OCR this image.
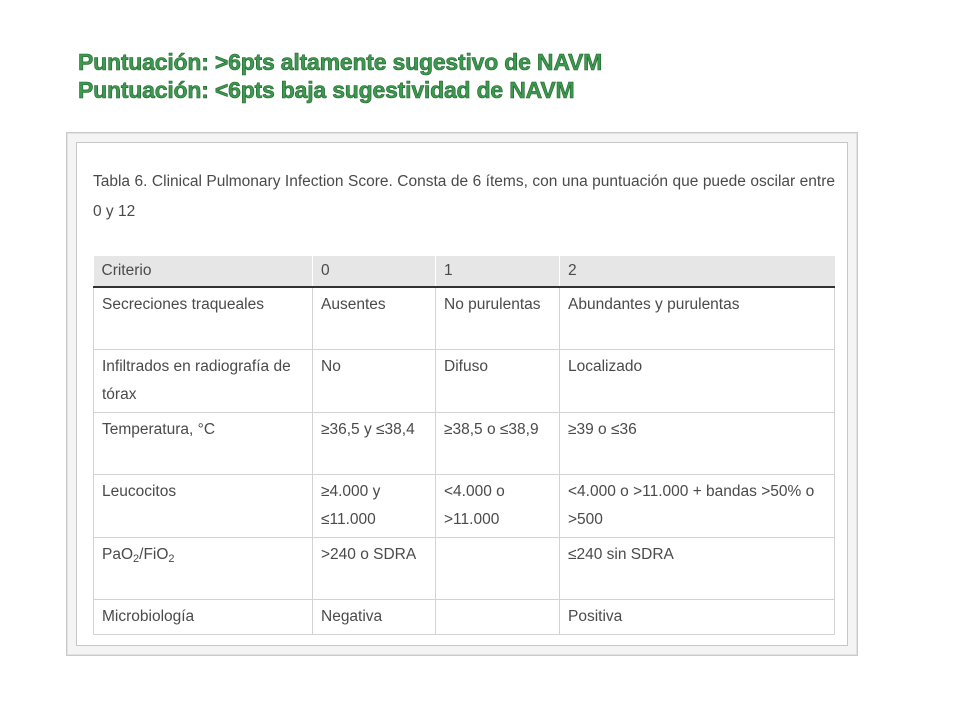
Puntuación: >6pts altamente sugestivo de NAVM
Puntuación: <6pts baja sugestividad de NAVM
Tabla 6. Clinical Pulmonary Infection Score. Consta de 6 ítems, con una puntuación que puede oscilar entre 0 y 12
Criterio	0	1	2
Secreciones traqueales	Ausentes	No purulentas	Abundantes y purulentas
Infiltrados en radiografía de tórax	No	Difuso	Localizado
Temperatura, °C	≥36,5 y ≤38,4	≥38,5 o ≤38,9	≥39 o ≤36
Leucocitos	≥4.000 y ≤11.000	<4.000 o >11.000	<4.000 o >11.000 + bandas >50% o >500
PaO$_2$/FiO$_2$	>240 o SDRA		≤240 sin SDRA
Microbiología	Negativa		Positiva
